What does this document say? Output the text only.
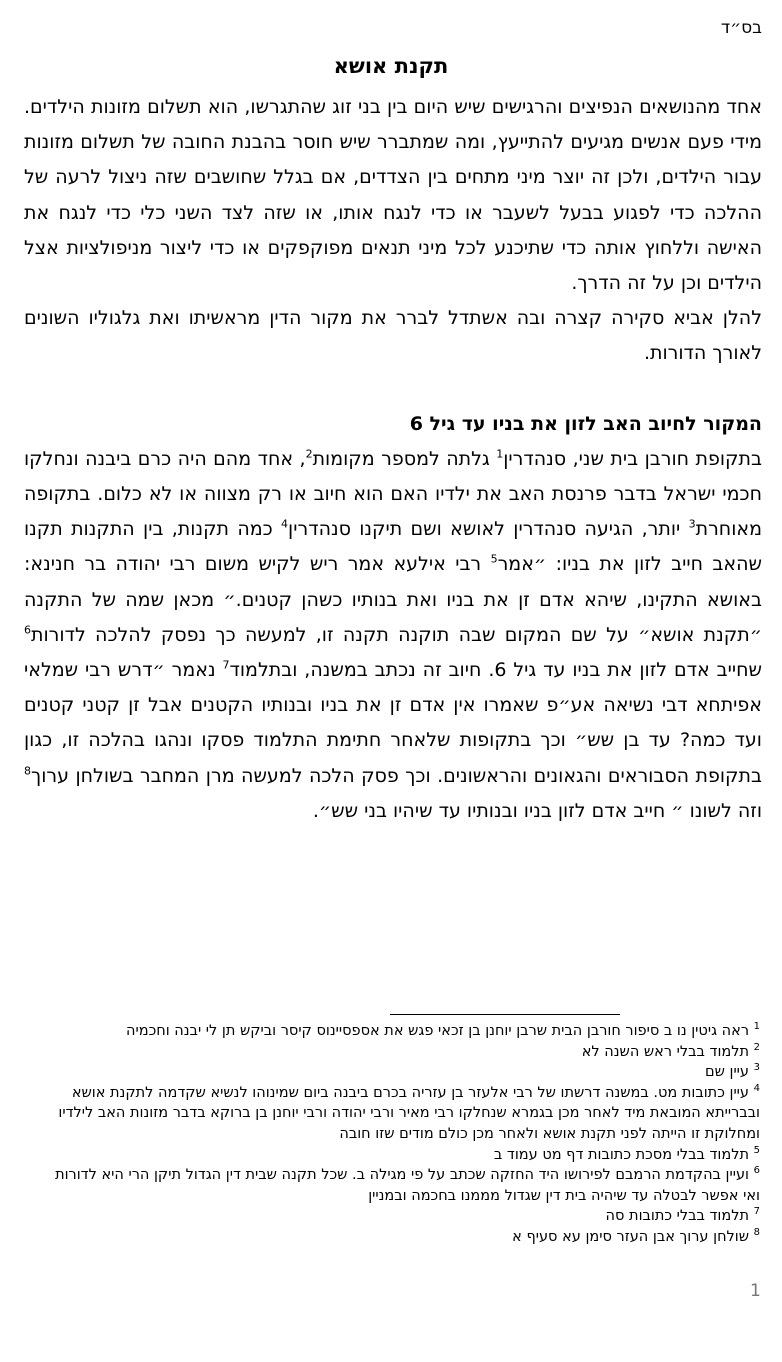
בס״ד
תקנת אושא

אחד מהנושאים הנפיצים והרגישים שיש היום בין בני זוג שהתגרשו, הוא תשלום מזונות הילדים. מידי פעם אנשים מגיעים להתייעץ, ומה שמתברר שיש חוסר בהבנת החובה של תשלום מזונות עבור הילדים, ולכן זה יוצר מיני מתחים בין הצדדים, אם בגלל שחושבים שזה ניצול לרעה של ההלכה כדי לפגוע בבעל לשעבר או כדי לנגח אותו, או שזה לצד השני כלי כדי לנגח את האישה וללחוץ אותה כדי שתיכנע לכל מיני תנאים מפוקפקים או כדי ליצור מניפולציות אצל הילדים וכן על זה הדרך.

להלן אביא סקירה קצרה ובה אשתדל לברר את מקור הדין מראשיתו ואת גלגוליו השונים לאורך הדורות.

המקור לחיוב האב לזון את בניו עד גיל 6

בתקופת חורבן בית שני, סנהדרין$^1$ גלתה למספר מקומות$^2$, אחד מהם היה כרם ביבנה ונחלקו חכמי ישראל בדבר פרנסת האב את ילדיו האם הוא חיוב או רק מצווה או לא כלום. בתקופה מאוחרת$^3$ יותר, הגיעה סנהדרין לאושא ושם תיקנו סנהדרין$^4$ כמה תקנות, בין התקנות תקנו שהאב חייב לזון את בניו: ״אמר$^5$ רבי אילעא אמר ריש לקיש משום רבי יהודה בר חנינא: באושא התקינו, שיהא אדם זן את בניו ואת בנותיו כשהן קטנים.״ מכאן שמה של התקנה ״תקנת אושא״ על שם המקום שבה תוקנה תקנה זו, למעשה כך נפסק להלכה לדורות$^6$ שחייב אדם לזון את בניו עד גיל 6. חיוב זה נכתב במשנה, ובתלמוד$^7$ נאמר ״דרש רבי שמלאי אפיתחא דבי נשיאה אע״פ שאמרו אין אדם זן את בניו ובנותיו הקטנים אבל זן קטני קטנים ועד כמה? עד בן שש״ וכך בתקופות שלאחר חתימת התלמוד פסקו ונהגו בהלכה זו, כגון בתקופת הסבוראים והגאונים והראשונים. וכך פסק הלכה למעשה מרן המחבר בשולחן ערוך$^8$ וזה לשונו ״ חייב אדם לזון בניו ובנותיו עד שיהיו בני שש״.

$^1$ ראה גיטין נו ב סיפור חורבן הבית שרבן יוחנן בן זכאי פגש את אספסיינוס קיסר וביקש תן לי יבנה וחכמיה
$^2$ תלמוד בבלי ראש השנה לא
$^3$ עיין שם
$^4$ עיין כתובות מט. במשנה דרשתו של רבי אלעזר בן עזריה בכרם ביבנה ביום שמינוהו לנשיא שקדמה לתקנת אושא ובברייתא המובאת מיד לאחר מכן בגמרא שנחלקו רבי מאיר ורבי יהודה ורבי יוחנן בן ברוקא בדבר מזונות האב לילדיו ומחלוקת זו הייתה לפני תקנת אושא ולאחר מכן כולם מודים שזו חובה
$^5$ תלמוד בבלי מסכת כתובות דף מט עמוד ב
$^6$ ועיין בהקדמת הרמבם לפירושו היד החזקה שכתב על פי מגילה ב. שכל תקנה שבית דין הגדול תיקן הרי היא לדורות ואי אפשר לבטלה עד שיהיה בית דין שגדול מממנו בחכמה ובמניין
$^7$ תלמוד בבלי כתובות סה
$^8$ שולחן ערוך אבן העזר סימן עא סעיף א
1
